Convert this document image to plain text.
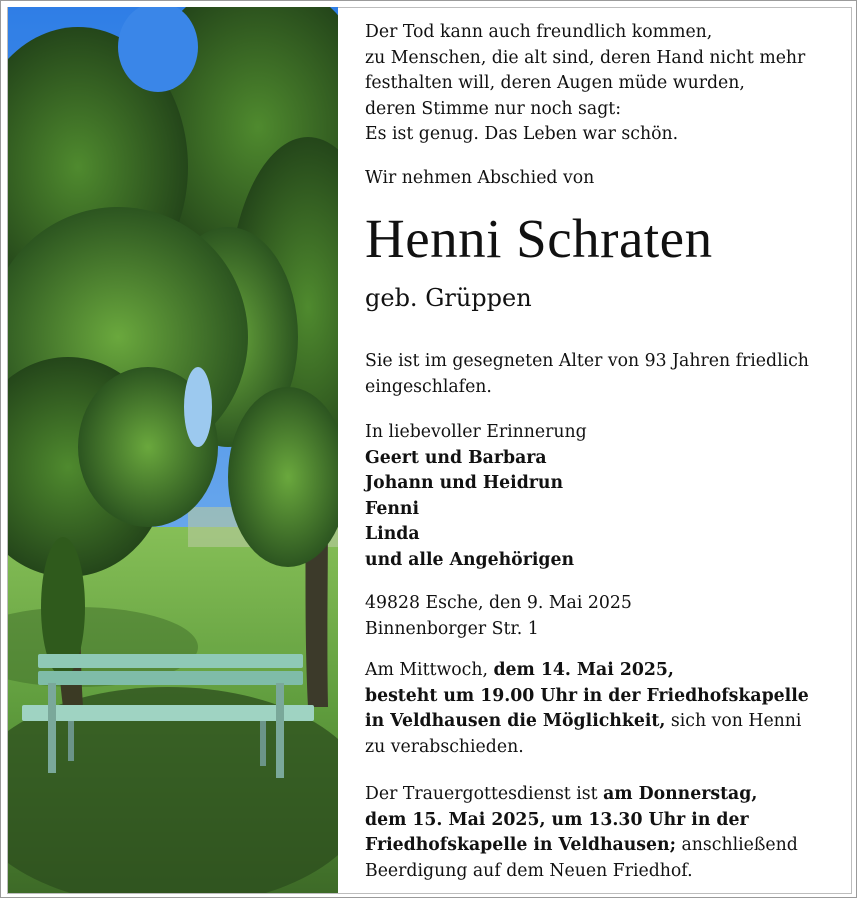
Der Tod kann auch freundlich kommen,
zu Menschen, die alt sind, deren Hand nicht mehr
festhalten will, deren Augen müde wurden,
deren Stimme nur noch sagt:
Es ist genug. Das Leben war schön.

Wir nehmen Abschied von

Henni Schraten
geb. Grüppen

Sie ist im gesegneten Alter von 93 Jahren friedlich
eingeschlafen.

In liebevoller Erinnerung

Geert und Barbara
Johann und Heidrun
Fenni
Linda
und alle Angehörigen

49828 Esche, den 9. Mai 2025
Binnenborger Str. 1

Am Mittwoch, dem 14. Mai 2025,
besteht um 19.00 Uhr in der Friedhofskapelle
in Veldhausen die Möglichkeit, sich von Henni
zu verabschieden.

Der Trauergottesdienst ist am Donnerstag,
dem 15. Mai 2025, um 13.30 Uhr in der
Friedhofskapelle in Veldhausen; anschließend
Beerdigung auf dem Neuen Friedhof.
